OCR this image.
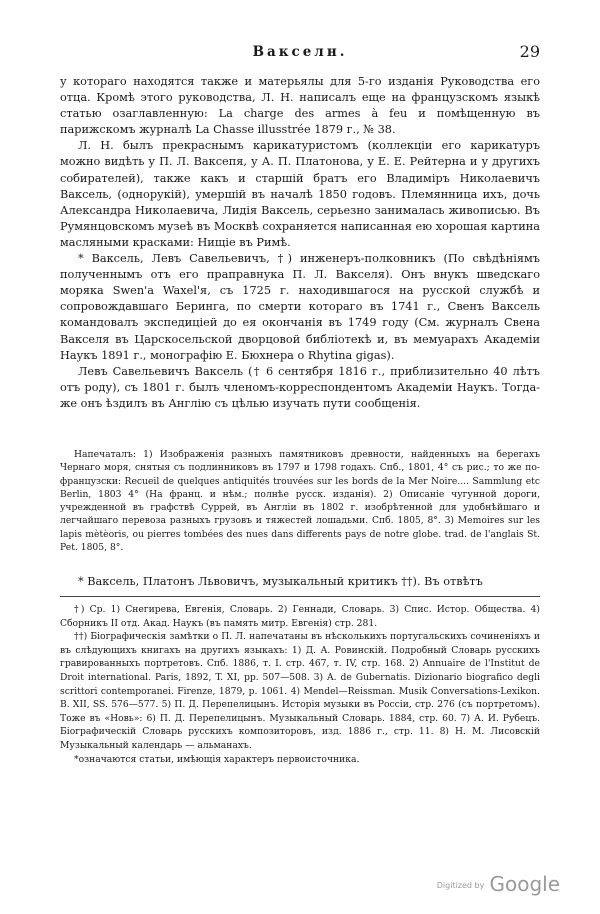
Вакселн.	29

у котораго находятся также и матерьялы для 5-го изданія Руководства его отца. Кромѣ этого руководства, Л. Н. написалъ еще на французскомъ языкѣ статью озаглавленную: La charge des armes à feu и помѣщенную въ парижскомъ журналѣ La Chasse illusstrée 1879 г., № 38.

Л. Н. былъ прекраснымъ карикатуристомъ (коллекціи его карикатуръ можно видѣть у П. Л. Ваксепя, у А. П. Платонова, у Е. Е. Рейтерна и у другихъ собирателей), также какъ и старшій братъ его Владиміръ Николаевичъ Ваксель, (однорукій), умершій въ началѣ 1850 годовъ. Племянница ихъ, дочь Александра Николаевича, Лидія Ваксель, серьезно занималась живописью. Въ Румянцовскомъ музеѣ въ Москвѣ сохраняется написанная ею хорошая картина масляными красками: Нищіе въ Римѣ.

* Ваксель, Левъ Савельевичъ, †) инженеръ-полковникъ (По свѣдѣніямъ полученнымъ отъ его праправнука П. Л. Вакселя). Онъ внукъ шведскаго моряка Swen'a Waxel'я, съ 1725 г. находившагося на русской службѣ и сопровождавшаго Беринга, по смерти котораго въ 1741 г., Свенъ Ваксель командовалъ экспедиціей до ея окончанія въ 1749 году (См. журналъ Свена Вакселя въ Царскосельской дворцовой библіотекѣ и, въ мемуарахъ Академіи Наукъ 1891 г., монографію Е. Бюхнера о Rhytina gigas).

Левъ Савельевичъ Ваксель († 6 сентября 1816 г., приблизительно 40 лѣтъ отъ роду), съ 1801 г. былъ членомъ-корреспондентомъ Академіи Наукъ. Тогда-же онъ ѣздилъ въ Англію съ цѣлью изучать пути сообщенія.

Напечаталъ: 1) Изображенія разныхъ памятниковъ древности, найденныхъ на берегахъ Чернаго моря, снятыя съ подлинниковъ въ 1797 и 1798 годахъ. Спб., 1801, 4° съ рис.; то же по-французски: Recueil de quelques antiquités trouvées sur les bords de la Mer Noire.... Sammlung etc Berlin, 1803 4° (На франц. и нѣм.; полнѣе русск. изданія). 2) Описаніе чугунной дороги, учрежденной въ графствѣ Суррей, въ Англіи въ 1802 г. изобрѣтенной для удобнѣйшаго и легчайшаго перевоза разныхъ грузовъ и тяжестей лошадьми. Спб. 1805, 8°. 3) Memoires sur les lapis mètèoris, ou pierres tombées des nues dans differents pays de notre globe. trad. de l'anglais St. Pet. 1805, 8°.

* Ваксель, Платонъ Львовичъ, музыкальный критикъ ††). Въ отвѣтъ

†) Ср. 1) Снегирева, Евгенія, Словарь. 2) Геннади, Словарь. 3) Спис. Истор. Общества. 4) Сборникъ II отд. Акад. Наукъ (въ память митр. Евгенія) стр. 281.

††) Біографическія замѣтки о П. Л. напечатаны въ нѣсколькихъ португальскихъ сочиненіяхъ и въ слѣдующихъ книгахъ на другихъ языкахъ: 1) Д. А. Ровинскій. Подробный Словарь русскихъ гравированныхъ портретовъ. Спб. 1886, т. I. стр. 467, т. IV, стр. 168. 2) Annuaire de l'Institut de Droit international. Paris, 1892, T. XI, pp. 507—508. 3) A. de Gubernatis. Dizionario biografico degli scrittori contemporanei. Firenze, 1879, p. 1061. 4) Mendel—Reissman. Musik Conversations-Lexikon. B. XII, SS. 576—577. 5) П. Д. Перепелицынъ. Исторія музыки въ Россіи, стр. 276 (съ портретомъ). Тоже въ «Новь»: 6) П. Д. Перепелицынъ. Музыкальный Словарь. 1884, стр. 60. 7) А. И. Рубецъ. Біографическій Словарь русскихъ композиторовъ, изд. 1886 г., стр. 11. 8) Н. М. Лисовскій Музыкальный календарь — альманахъ.

*означаются статьи, имѣющія характеръ первоисточника.

Digitized by Google
